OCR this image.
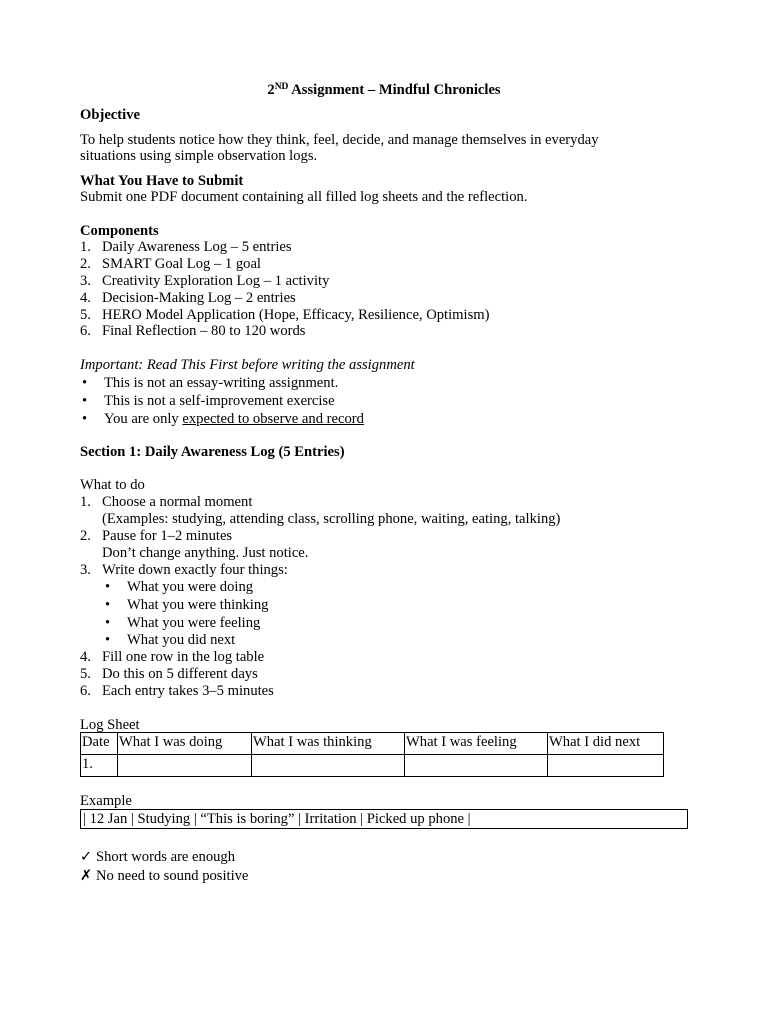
2ND Assignment – Mindful Chronicles
Objective
To help students notice how they think, feel, decide, and manage themselves in everyday
situations using simple observation logs.
What You Have to Submit
Submit one PDF document containing all filled log sheets and the reflection.
Components
1. Daily Awareness Log – 5 entries
2. SMART Goal Log – 1 goal
3. Creativity Exploration Log – 1 activity
4. Decision-Making Log – 2 entries
5. HERO Model Application (Hope, Efficacy, Resilience, Optimism)
6. Final Reflection – 80 to 120 words
Important: Read This First before writing the assignment
• This is not an essay-writing assignment.
• This is not a self-improvement exercise
• You are only expected to observe and record
Section 1: Daily Awareness Log (5 Entries)
What to do
1. Choose a normal moment
(Examples: studying, attending class, scrolling phone, waiting, eating, talking)
2. Pause for 1–2 minutes
Don’t change anything. Just notice.
3. Write down exactly four things:
• What you were doing
• What you were thinking
• What you were feeling
• What you did next
4. Fill one row in the log table
5. Do this on 5 different days
6. Each entry takes 3–5 minutes
Log Sheet
Date	What I was doing	What I was thinking	What I was feeling	What I did next
1.				
Example
| 12 Jan | Studying | “This is boring” | Irritation | Picked up phone |
✓ Short words are enough
✗ No need to sound positive
